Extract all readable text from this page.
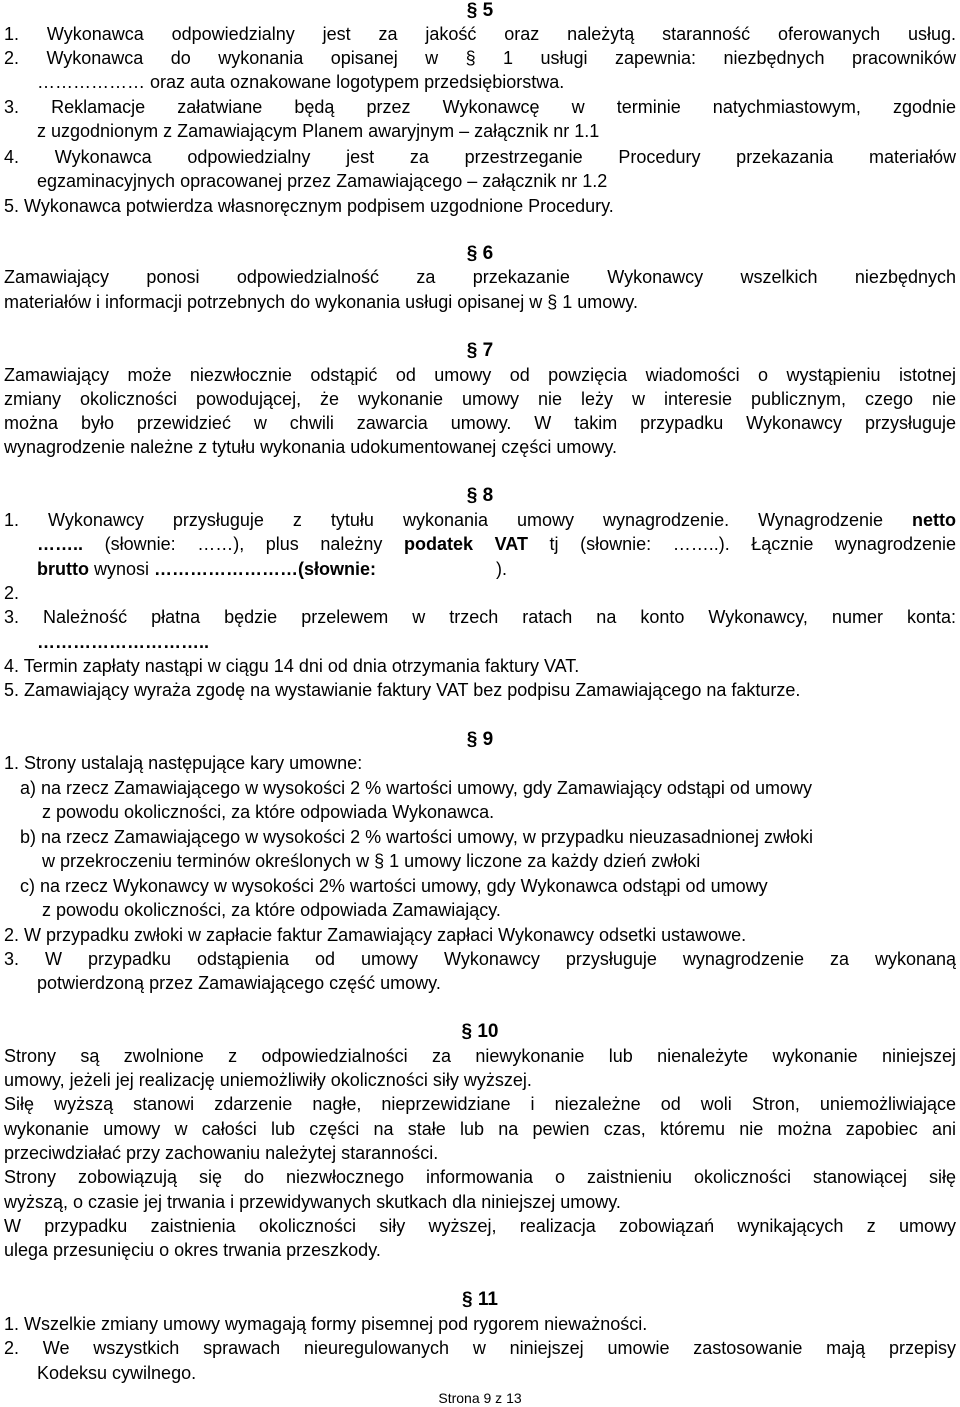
§ 5
1. Wykonawca odpowiedzialny jest za jakość oraz należytą staranność oferowanych usług.
2. Wykonawca do wykonania opisanej w § 1 usługi zapewnia: niezbędnych pracowników
……………… oraz auta oznakowane logotypem przedsiębiorstwa.
3. Reklamacje załatwiane będą przez Wykonawcę w terminie natychmiastowym, zgodnie
z uzgodnionym z Zamawiającym Planem awaryjnym – załącznik nr 1.1
4. Wykonawca odpowiedzialny jest za przestrzeganie Procedury przekazania materiałów
egzaminacyjnych opracowanej przez Zamawiającego – załącznik nr 1.2
5. Wykonawca potwierdza własnoręcznym podpisem uzgodnione Procedury.
§ 6
Zamawiający ponosi odpowiedzialność za przekazanie Wykonawcy wszelkich niezbędnych
materiałów i informacji potrzebnych do wykonania usługi opisanej w § 1 umowy.
§ 7
Zamawiający może niezwłocznie odstąpić od umowy od powzięcia wiadomości o wystąpieniu istotnej
zmiany okoliczności powodującej, że wykonanie umowy nie leży w interesie publicznym, czego nie
można było przewidzieć w chwili zawarcia umowy. W takim przypadku Wykonawcy przysługuje
wynagrodzenie należne z tytułu wykonania udokumentowanej części umowy.
§ 8
1. Wykonawcy przysługuje z tytułu wykonania umowy wynagrodzenie. Wynagrodzenie netto
…….. (słownie: ……), plus należny podatek VAT tj (słownie: ……..). Łącznie wynagrodzenie
brutto wynosi ……………………(słownie:	).
2.
3. Należność płatna będzie przelewem w trzech ratach na konto Wykonawcy, numer konta:
………………………..
4. Termin zapłaty nastąpi w ciągu 14 dni od dnia otrzymania faktury VAT.
5. Zamawiający wyraża zgodę na wystawianie faktury VAT bez podpisu Zamawiającego na fakturze.
§ 9
1. Strony ustalają następujące kary umowne:
a) na rzecz Zamawiającego w wysokości 2 % wartości umowy, gdy Zamawiający odstąpi od umowy
z powodu okoliczności, za które odpowiada Wykonawca.
b) na rzecz Zamawiającego w wysokości 2 % wartości umowy, w przypadku nieuzasadnionej zwłoki
w przekroczeniu terminów określonych w § 1 umowy liczone za każdy dzień zwłoki
c) na rzecz Wykonawcy w wysokości 2% wartości umowy, gdy Wykonawca odstąpi od umowy
z powodu okoliczności, za które odpowiada Zamawiający.
2. W przypadku zwłoki w zapłacie faktur Zamawiający zapłaci Wykonawcy odsetki ustawowe.
3. W przypadku odstąpienia od umowy Wykonawcy przysługuje wynagrodzenie za wykonaną
potwierdzoną przez Zamawiającego część umowy.
§ 10
Strony są zwolnione z odpowiedzialności za niewykonanie lub nienależyte wykonanie niniejszej
umowy, jeżeli jej realizację uniemożliwiły okoliczności siły wyższej.
Siłę wyższą stanowi zdarzenie nagłe, nieprzewidziane i niezależne od woli Stron, uniemożliwiające
wykonanie umowy w całości lub części na stałe lub na pewien czas, któremu nie można zapobiec ani
przeciwdziałać przy zachowaniu należytej staranności.
Strony zobowiązują się do niezwłocznego informowania o zaistnieniu okoliczności stanowiącej siłę
wyższą, o czasie jej trwania i przewidywanych skutkach dla niniejszej umowy.
W przypadku zaistnienia okoliczności siły wyższej, realizacja zobowiązań wynikających z umowy
ulega przesunięciu o okres trwania przeszkody.
§ 11
1. Wszelkie zmiany umowy wymagają formy pisemnej pod rygorem nieważności.
2. We wszystkich sprawach nieuregulowanych w niniejszej umowie zastosowanie mają przepisy
Kodeksu cywilnego.
Strona 9 z 13
